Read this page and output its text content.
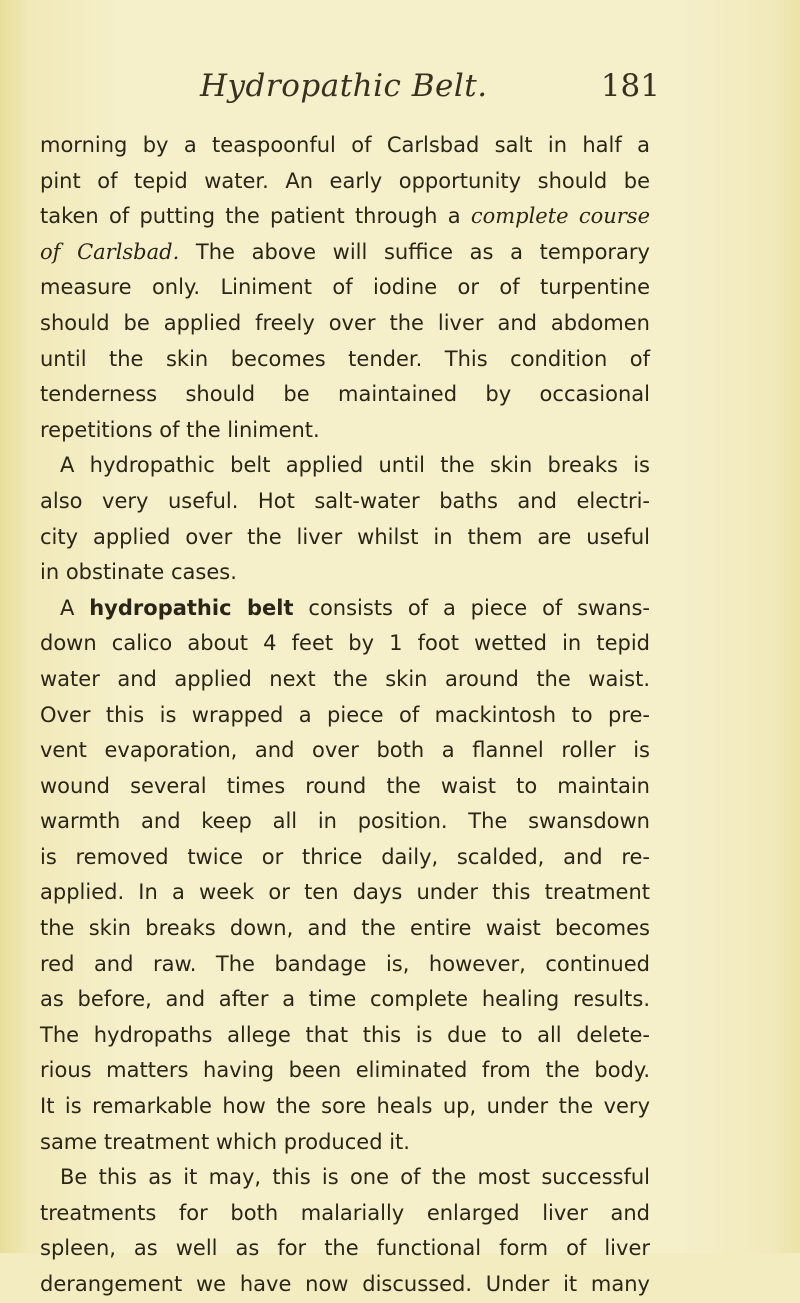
Hydropathic Belt.	181
morning by a teaspoonful of Carlsbad salt in half a
pint of tepid water. An early opportunity should be
taken of putting the patient through a complete course
of Carlsbad. The above will suffice as a temporary
measure only. Liniment of iodine or of turpentine
should be applied freely over the liver and abdomen
until the skin becomes tender. This condition of
tenderness should be maintained by occasional
repetitions of the liniment.
A hydropathic belt applied until the skin breaks is
also very useful. Hot salt-water baths and electri-
city applied over the liver whilst in them are useful
in obstinate cases.
A hydropathic belt consists of a piece of swans-
down calico about 4 feet by 1 foot wetted in tepid
water and applied next the skin around the waist.
Over this is wrapped a piece of mackintosh to pre-
vent evaporation, and over both a flannel roller is
wound several times round the waist to maintain
warmth and keep all in position. The swansdown
is removed twice or thrice daily, scalded, and re-
applied. In a week or ten days under this treatment
the skin breaks down, and the entire waist becomes
red and raw. The bandage is, however, continued
as before, and after a time complete healing results.
The hydropaths allege that this is due to all delete-
rious matters having been eliminated from the body.
It is remarkable how the sore heals up, under the very
same treatment which produced it.
Be this as it may, this is one of the most successful
treatments for both malarially enlarged liver and
spleen, as well as for the functional form of liver
derangement we have now discussed. Under it many
